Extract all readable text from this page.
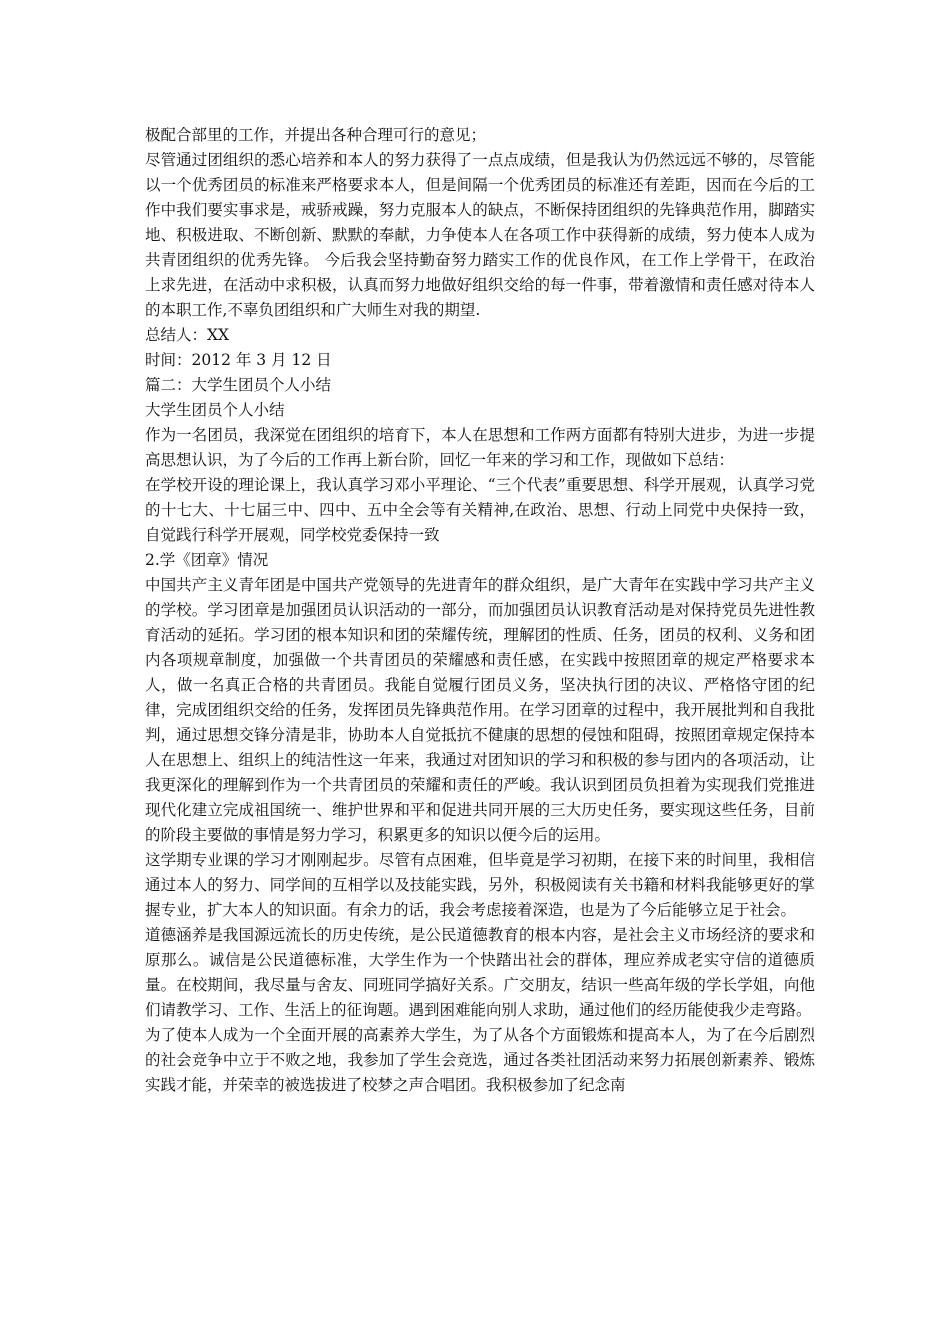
极配合部里的工作，并提出各种合理可行的意见；

尽管通过团组织的悉心培养和本人的努力获得了一点点成绩，但是我认为仍然远远不够的，尽管能以一个优秀团员的标准来严格要求本人，但是间隔一个优秀团员的标准还有差距，因而在今后的工作中我们要实事求是，戒骄戒躁，努力克服本人的缺点，不断保持团组织的先锋典范作用，脚踏实地、积极进取、不断创新、默默的奉献，力争使本人在各项工作中获得新的成绩，努力使本人成为共青团组织的优秀先锋。 今后我会坚持勤奋努力踏实工作的优良作风，在工作上学骨干，在政治上求先进，在活动中求积极，认真而努力地做好组织交给的每一件事，带着激情和责任感对待本人的本职工作,不辜负团组织和广大师生对我的期望.

总结人：XX

时间：2012 年 3 月 12 日

篇二：大学生团员个人小结

大学生团员个人小结

作为一名团员，我深觉在团组织的培育下，本人在思想和工作两方面都有特别大进步，为进一步提高思想认识，为了今后的工作再上新台阶，回忆一年来的学习和工作，现做如下总结：

在学校开设的理论课上，我认真学习邓小平理论、“三个代表”重要思想、科学开展观，认真学习党的十七大、十七届三中、四中、五中全会等有关精神,在政治、思想、行动上同党中央保持一致，自觉践行科学开展观，同学校党委保持一致

2.学《团章》情况

中国共产主义青年团是中国共产党领导的先进青年的群众组织，是广大青年在实践中学习共产主义的学校。学习团章是加强团员认识活动的一部分，而加强团员认识教育活动是对保持党员先进性教育活动的延拓。学习团的根本知识和团的荣耀传统，理解团的性质、任务，团员的权利、义务和团内各项规章制度，加强做一个共青团员的荣耀感和责任感，在实践中按照团章的规定严格要求本人，做一名真正合格的共青团员。我能自觉履行团员义务，坚决执行团的决议、严格恪守团的纪律，完成团组织交给的任务，发挥团员先锋典范作用。在学习团章的过程中，我开展批判和自我批判，通过思想交锋分清是非，协助本人自觉抵抗不健康的思想的侵蚀和阻碍，按照团章规定保持本人在思想上、组织上的纯洁性这一年来，我通过对团知识的学习和积极的参与团内的各项活动，让我更深化的理解到作为一个共青团员的荣耀和责任的严峻。我认识到团员负担着为实现我们党推进现代化建立完成祖国统一、维护世界和平和促进共同开展的三大历史任务，要实现这些任务，目前的阶段主要做的事情是努力学习，积累更多的知识以便今后的运用。

这学期专业课的学习才刚刚起步。尽管有点困难，但毕竟是学习初期，在接下来的时间里，我相信通过本人的努力、同学间的互相学以及技能实践，另外，积极阅读有关书籍和材料我能够更好的掌握专业，扩大本人的知识面。有余力的话，我会考虑接着深造，也是为了今后能够立足于社会。

道德涵养是我国源远流长的历史传统，是公民道德教育的根本内容，是社会主义市场经济的要求和原那么。诚信是公民道德标准，大学生作为一个快踏出社会的群体，理应养成老实守信的道德质量。在校期间，我尽量与舍友、同班同学搞好关系。广交朋友，结识一些高年级的学长学姐，向他们请教学习、工作、生活上的征询题。遇到困难能向别人求助，通过他们的经历能使我少走弯路。

为了使本人成为一个全面开展的高素养大学生，为了从各个方面锻炼和提高本人，为了在今后剧烈的社会竞争中立于不败之地，我参加了学生会竞选，通过各类社团活动来努力拓展创新素养、锻炼实践才能，并荣幸的被选拔进了校梦之声合唱团。我积极参加了纪念南
